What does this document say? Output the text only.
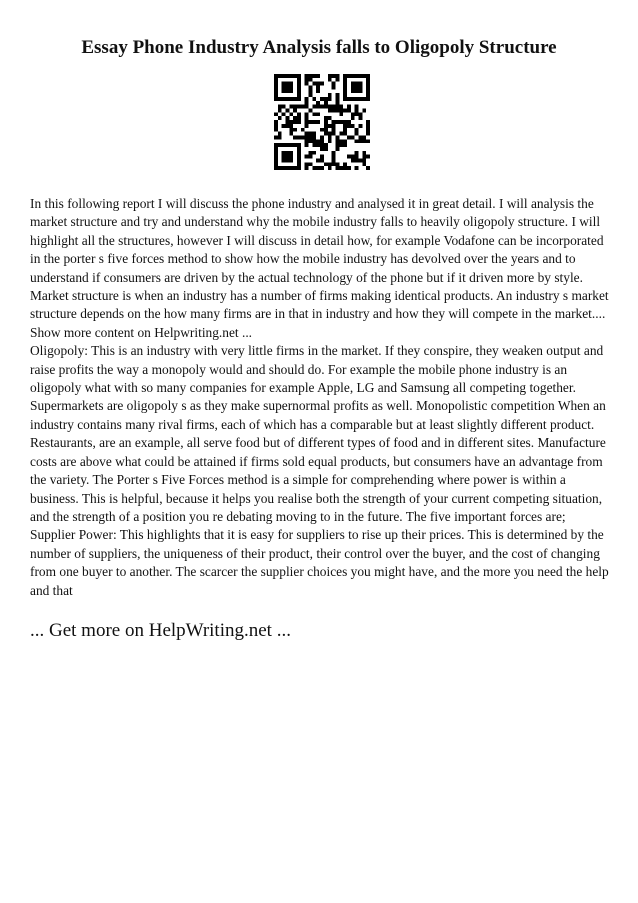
Essay Phone Industry Analysis falls to Oligopoly Structure

In this following report I will discuss the phone industry and analysed it in great detail. I will analysis the market structure and try and understand why the mobile industry falls to heavily oligopoly structure. I will highlight all the structures, however I will discuss in detail how, for example Vodafone can be incorporated in the porter s five forces method to show how the mobile industry has devolved over the years and to understand if consumers are driven by the actual technology of the phone but if it driven more by style. Market structure is when an industry has a number of firms making identical products. An industry s market structure depends on the how many firms are in that in industry and how they will compete in the market.... Show more content on Helpwriting.net ...

Oligopoly: This is an industry with very little firms in the market. If they conspire, they weaken output and raise profits the way a monopoly would and should do. For example the mobile phone industry is an oligopoly what with so many companies for example Apple, LG and Samsung all competing together. Supermarkets are oligopoly s as they make supernormal profits as well. Monopolistic competition When an industry contains many rival firms, each of which has a comparable but at least slightly different product. Restaurants, are an example, all serve food but of different types of food and in different sites. Manufacture costs are above what could be attained if firms sold equal products, but consumers have an advantage from the variety. The Porter s Five Forces method is a simple for comprehending where power is within a business. This is helpful, because it helps you realise both the strength of your current competing situation, and the strength of a position you re debating moving to in the future. The five important forces are; Supplier Power: This highlights that it is easy for suppliers to rise up their prices. This is determined by the number of suppliers, the uniqueness of their product, their control over the buyer, and the cost of changing from one buyer to another. The scarcer the supplier choices you might have, and the more you need the help and that

... Get more on HelpWriting.net ...
